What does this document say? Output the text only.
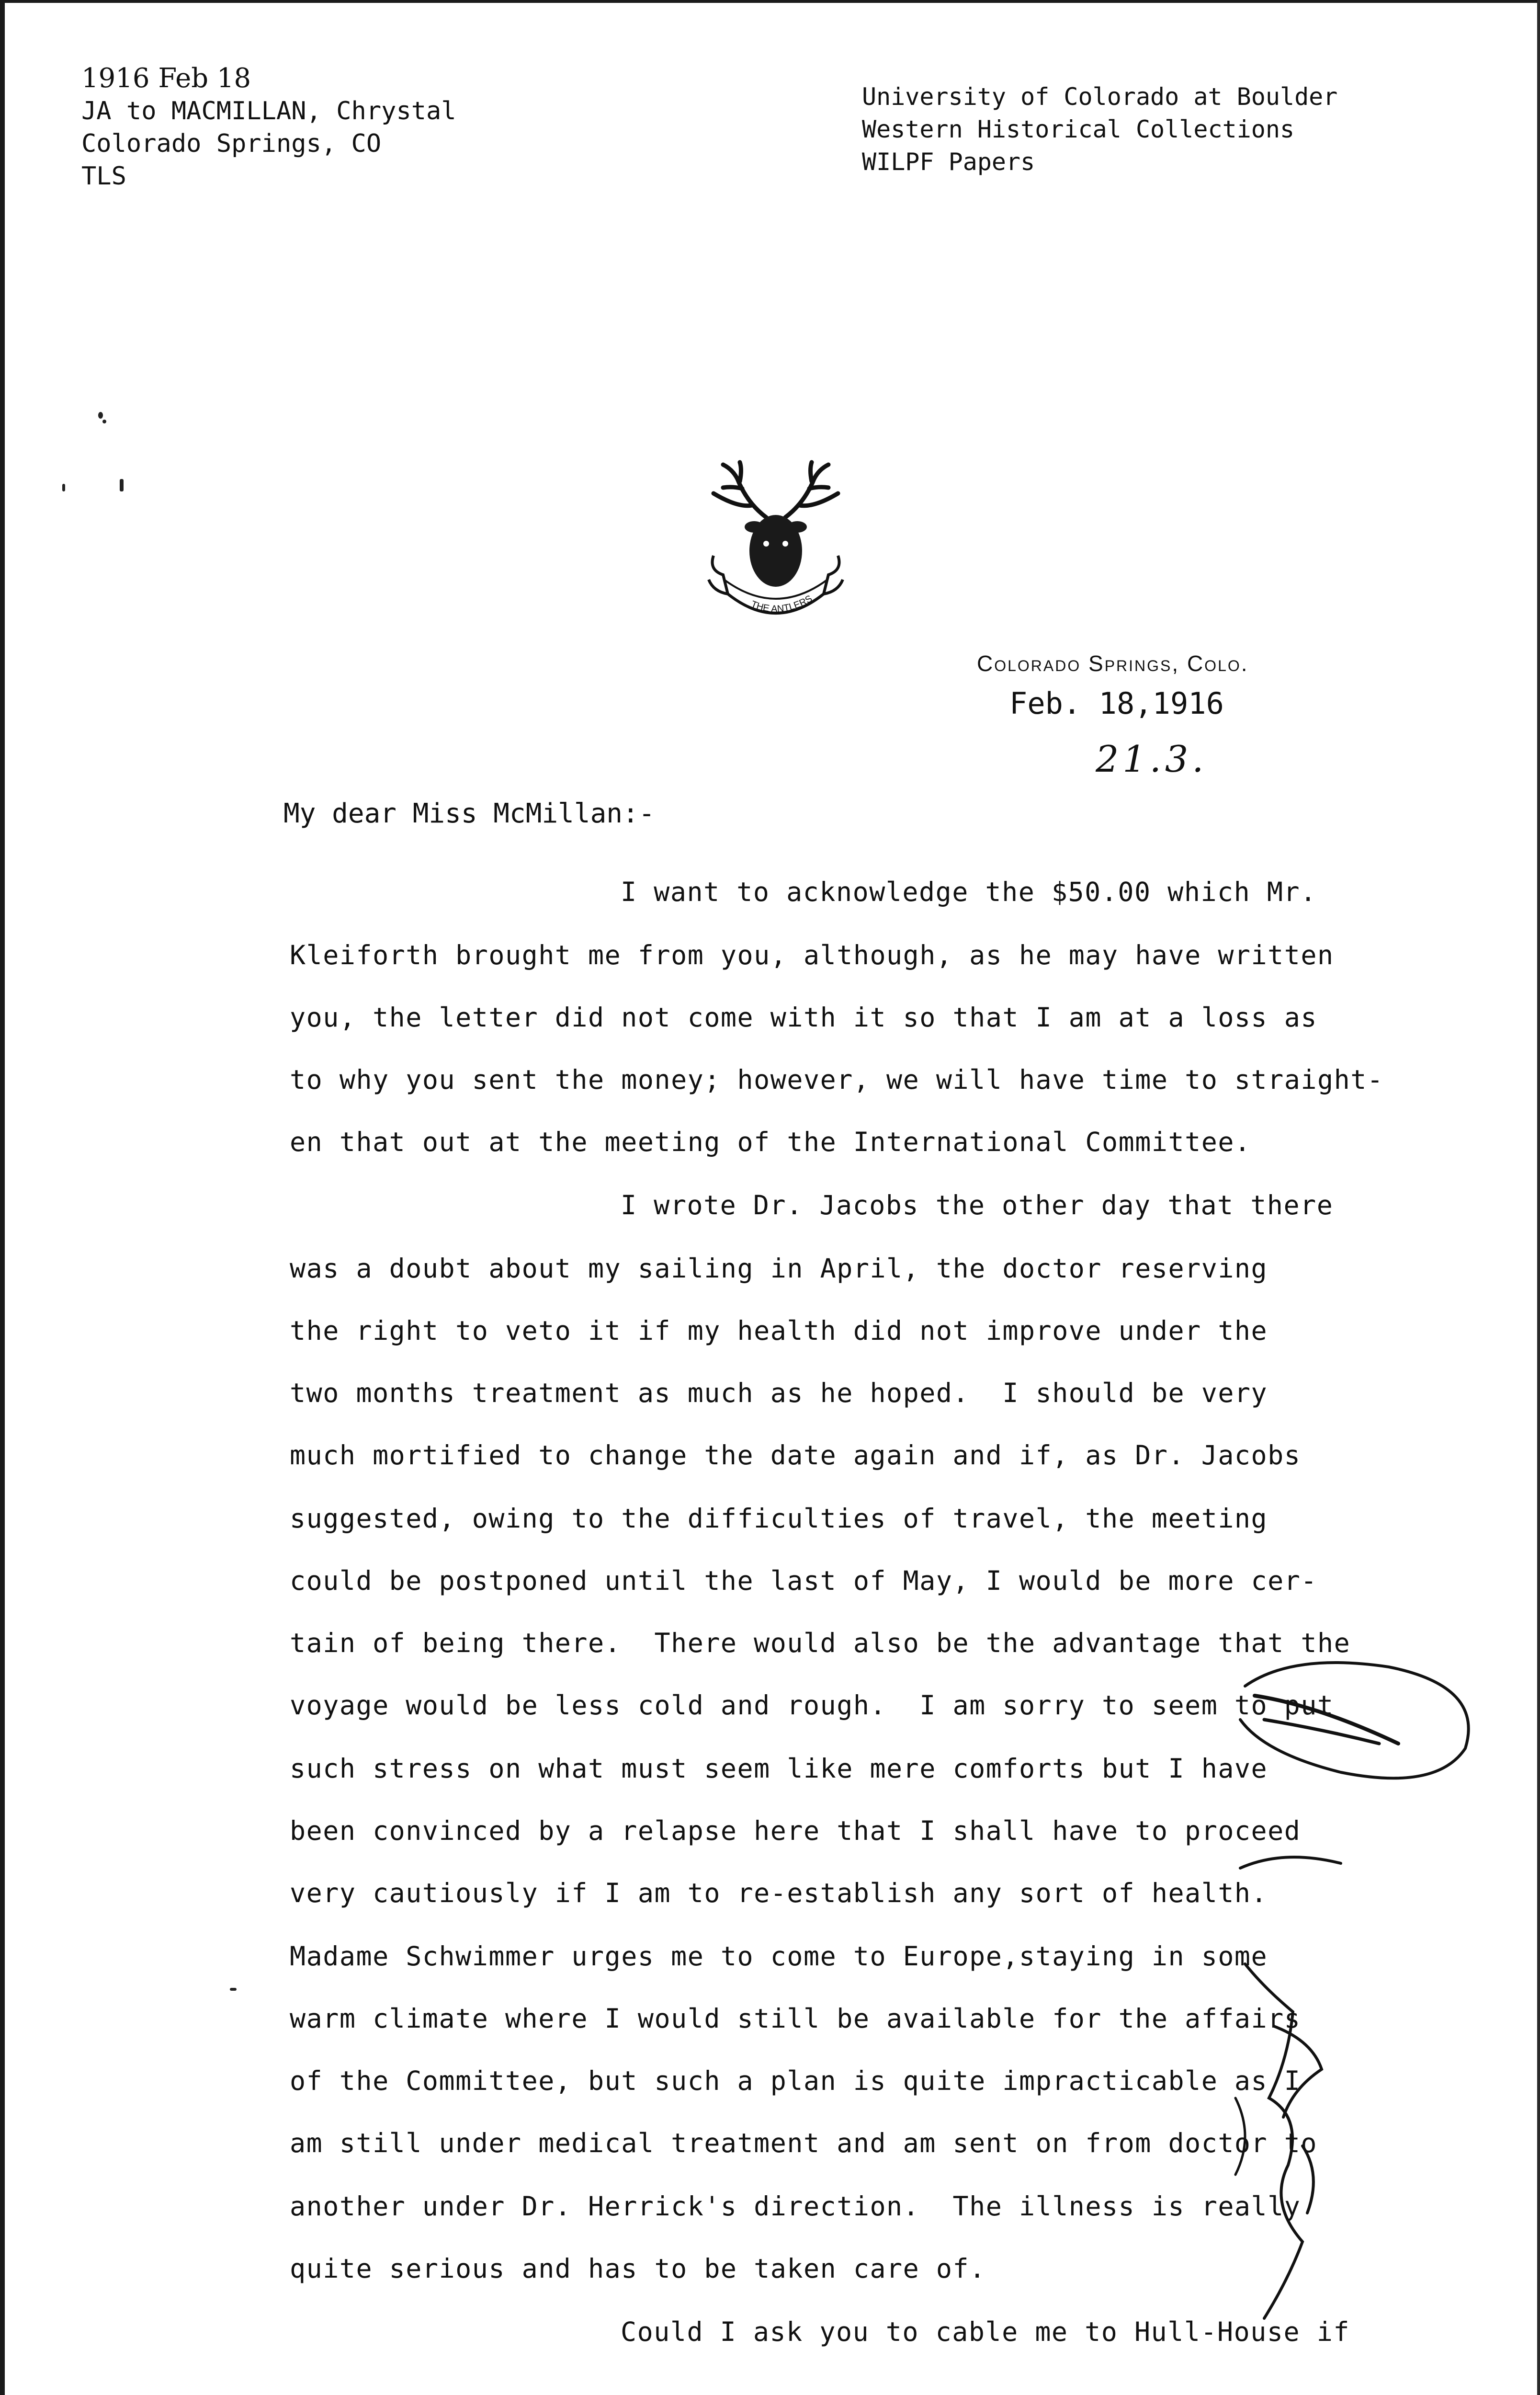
1916 Feb 18
JA to MACMILLAN, Chrystal
Colorado Springs, CO
TLS
University of Colorado at Boulder
Western Historical Collections
WILPF Papers
THE ANTLERS
Colorado Springs, Colo.
Feb. 18,1916
21.3.
My dear Miss McMillan:-
I want to acknowledge the $50.00 which Mr.
Kleiforth brought me from you, although, as he may have written
you, the letter did not come with it so that I am at a loss as
to why you sent the money; however, we will have time to straight-
en that out at the meeting of the International Committee.
I wrote Dr. Jacobs the other day that there
was a doubt about my sailing in April, the doctor reserving
the right to veto it if my health did not improve under the
two months treatment as much as he hoped.  I should be very
much mortified to change the date again and if, as Dr. Jacobs
suggested, owing to the difficulties of travel, the meeting
could be postponed until the last of May, I would be more cer-
tain of being there.  There would also be the advantage that the
voyage would be less cold and rough.  I am sorry to seem to put
such stress on what must seem like mere comforts but I have
been convinced by a relapse here that I shall have to proceed
very cautiously if I am to re-establish any sort of health.
Madame Schwimmer urges me to come to Europe,staying in some
warm climate where I would still be available for the affairs
of the Committee, but such a plan is quite impracticable as I
am still under medical treatment and am sent on from doctor to
another under Dr. Herrick's direction.  The illness is really
quite serious and has to be taken care of.
Could I ask you to cable me to Hull-House if
